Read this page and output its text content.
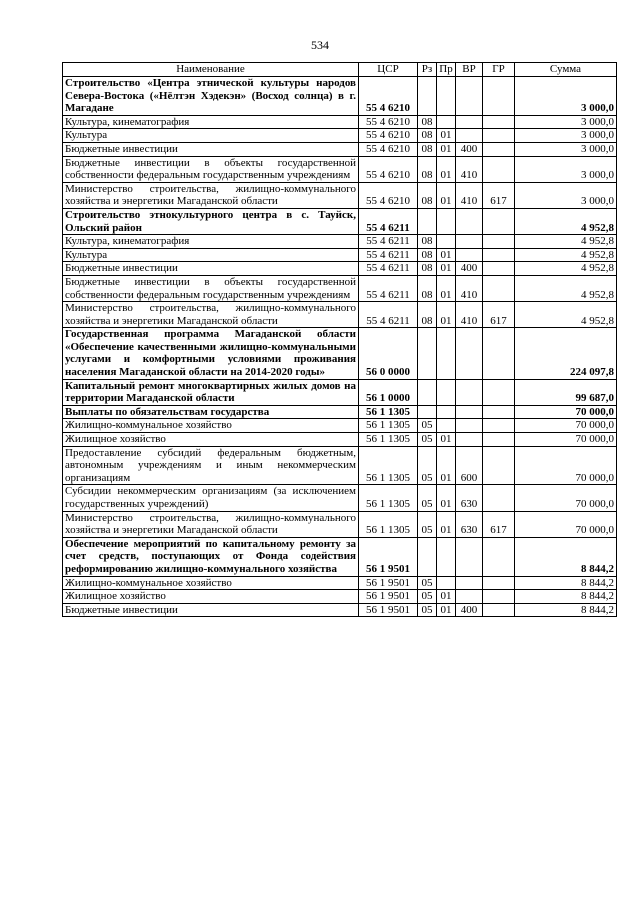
534
Наименование	ЦСР	Рз	Пр	ВР	ГР	Сумма
Строительство «Центра этнической культуры народов Севера-Востока («Нёлтэн Хэдекэн» (Восход солнца) в г. Магадане	55 4 6210					3 000,0
Культура, кинематография	55 4 6210	08				3 000,0
Культура	55 4 6210	08	01			3 000,0
Бюджетные инвестиции	55 4 6210	08	01	400		3 000,0
Бюджетные инвестиции в объекты государственной собственности федеральным государственным учреждениям	55 4 6210	08	01	410		3 000,0
Министерство строительства, жилищно-коммунального хозяйства и энергетики Магаданской области	55 4 6210	08	01	410	617	3 000,0
Строительство этнокультурного центра в с. Тауйск, Ольский район	55 4 6211					4 952,8
Культура, кинематография	55 4 6211	08				4 952,8
Культура	55 4 6211	08	01			4 952,8
Бюджетные инвестиции	55 4 6211	08	01	400		4 952,8
Бюджетные инвестиции в объекты государственной собственности федеральным государственным учреждениям	55 4 6211	08	01	410		4 952,8
Министерство строительства, жилищно-коммунального хозяйства и энергетики Магаданской области	55 4 6211	08	01	410	617	4 952,8
Государственная программа Магаданской области «Обеспечение качественными жилищно-коммунальными услугами и комфортными условиями проживания населения Магаданской области на 2014-2020 годы»	56 0 0000					224 097,8
Капитальный ремонт многоквартирных жилых домов на территории Магаданской области	56 1 0000					99 687,0
Выплаты по обязательствам государства	56 1 1305					70 000,0
Жилищно-коммунальное хозяйство	56 1 1305	05				70 000,0
Жилищное хозяйство	56 1 1305	05	01			70 000,0
Предоставление субсидий федеральным бюджетным, автономным учреждениям и иным некоммерческим организациям	56 1 1305	05	01	600		70 000,0
Субсидии некоммерческим организациям (за исключением государственных учреждений)	56 1 1305	05	01	630		70 000,0
Министерство строительства, жилищно-коммунального хозяйства и энергетики Магаданской области	56 1 1305	05	01	630	617	70 000,0
Обеспечение мероприятий по капитальному ремонту за счет средств, поступающих от Фонда содействия реформированию жилищно-коммунального хозяйства	56 1 9501					8 844,2
Жилищно-коммунальное хозяйство	56 1 9501	05				8 844,2
Жилищное хозяйство	56 1 9501	05	01			8 844,2
Бюджетные инвестиции	56 1 9501	05	01	400		8 844,2
